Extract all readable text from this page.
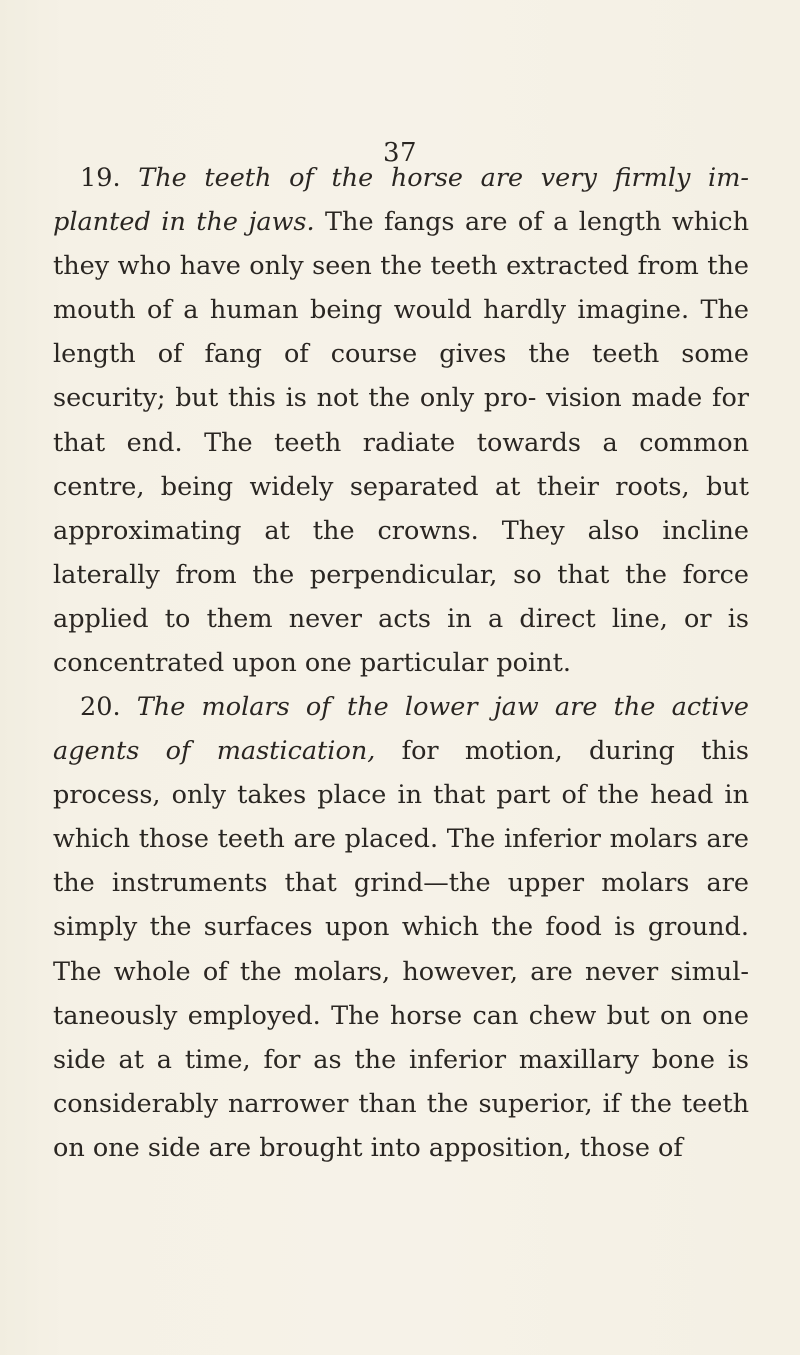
37

19. The teeth of the horse are very firmly im- planted in the jaws. The fangs are of a length which they who have only seen the teeth extracted from the mouth of a human being would hardly imagine. The length of fang of course gives the teeth some security; but this is not the only pro- vision made for that end. The teeth radiate towards a common centre, being widely separated at their roots, but approximating at the crowns. They also incline laterally from the perpendicular, so that the force applied to them never acts in a direct line, or is concentrated upon one particular point.

20. The molars of the lower jaw are the active agents of mastication, for motion, during this process, only takes place in that part of the head in which those teeth are placed. The inferior molars are the instruments that grind—the upper molars are simply the surfaces upon which the food is ground. The whole of the molars, however, are never simul- taneously employed. The horse can chew but on one side at a time, for as the inferior maxillary bone is considerably narrower than the superior, if the teeth on one side are brought into apposition, those of
